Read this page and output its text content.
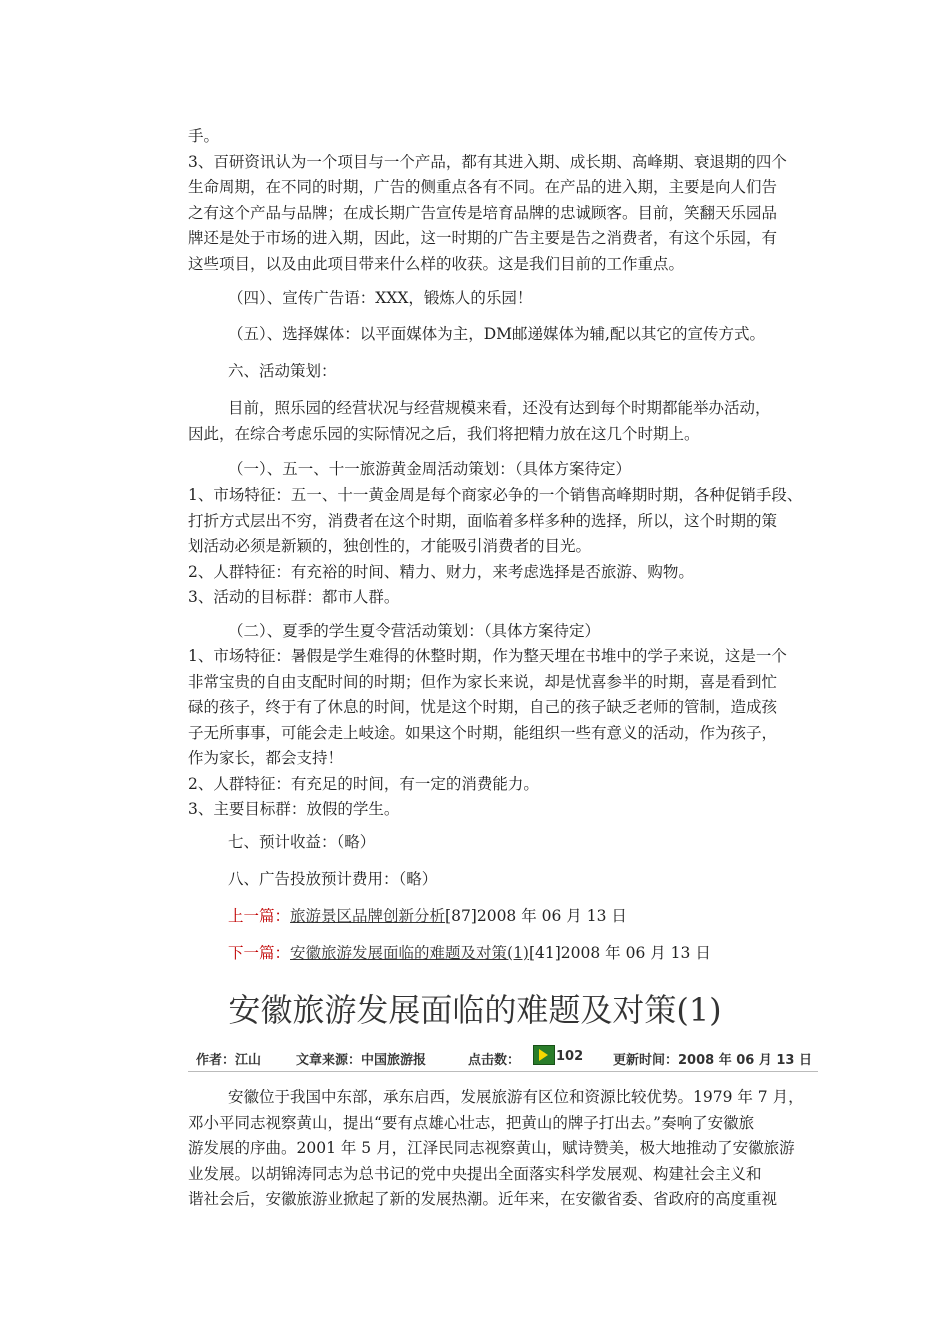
手。
3、百研资讯认为一个项目与一个产品，都有其进入期、成长期、高峰期、衰退期的四个
生命周期，在不同的时期，广告的侧重点各有不同。在产品的进入期，主要是向人们告
之有这个产品与品牌；在成长期广告宣传是培育品牌的忠诚顾客。目前，笑翻天乐园品
牌还是处于市场的进入期，因此，这一时期的广告主要是告之消费者，有这个乐园，有
这些项目，以及由此项目带来什么样的收获。这是我们目前的工作重点。
（四）、宣传广告语：XXX，锻炼人的乐园！
（五）、选择媒体：以平面媒体为主，DM邮递媒体为辅,配以其它的宣传方式。
六、活动策划：
目前，照乐园的经营状况与经营规模来看，还没有达到每个时期都能举办活动，
因此，在综合考虑乐园的实际情况之后，我们将把精力放在这几个时期上。
（一）、五一、十一旅游黄金周活动策划：（具体方案待定）
1、市场特征：五一、十一黄金周是每个商家必争的一个销售高峰期时期，各种促销手段、
打折方式层出不穷，消费者在这个时期，面临着多样多种的选择，所以，这个时期的策
划活动必须是新颖的，独创性的，才能吸引消费者的目光。
2、人群特征：有充裕的时间、精力、财力，来考虑选择是否旅游、购物。
3、活动的目标群：都市人群。
（二）、夏季的学生夏令营活动策划：（具体方案待定）
1、市场特征：暑假是学生难得的休整时期，作为整天埋在书堆中的学子来说，这是一个
非常宝贵的自由支配时间的时期；但作为家长来说，却是忧喜参半的时期，喜是看到忙
碌的孩子，终于有了休息的时间，忧是这个时期，自己的孩子缺乏老师的管制，造成孩
子无所事事，可能会走上岐途。如果这个时期，能组织一些有意义的活动，作为孩子，
作为家长，都会支持！
2、人群特征：有充足的时间，有一定的消费能力。
3、主要目标群：放假的学生。
七、预计收益：（略）
八、广告投放预计费用：（略）
上一篇：旅游景区品牌创新分析[87]2008 年 06 月 13 日
下一篇：安徽旅游发展面临的难题及对策(1)[41]2008 年 06 月 13 日
安徽旅游发展面临的难题及对策(1)
作者：江山	文章来源：中国旅游报	点击数：	102 更新时间：2008 年 06 月 13 日
安徽位于我国中东部，承东启西，发展旅游有区位和资源比较优势。1979 年 7 月，
邓小平同志视察黄山，提出“要有点雄心壮志，把黄山的牌子打出去。”奏响了安徽旅
游发展的序曲。2001 年 5 月，江泽民同志视察黄山，赋诗赞美，极大地推动了安徽旅游
业发展。以胡锦涛同志为总书记的党中央提出全面落实科学发展观、构建社会主义和
谐社会后，安徽旅游业掀起了新的发展热潮。近年来，在安徽省委、省政府的高度重视
